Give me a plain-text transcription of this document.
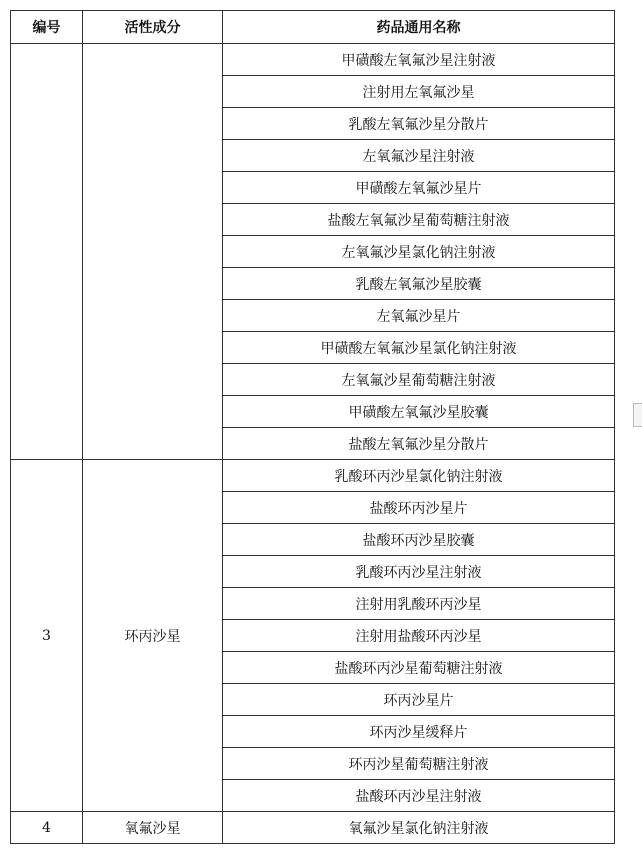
编号	活性成分	药品通用名称
		甲磺酸左氧氟沙星注射液
		注射用左氧氟沙星
		乳酸左氧氟沙星分散片
		左氧氟沙星注射液
		甲磺酸左氧氟沙星片
		盐酸左氧氟沙星葡萄糖注射液
		左氧氟沙星氯化钠注射液
		乳酸左氧氟沙星胶囊
		左氧氟沙星片
		甲磺酸左氧氟沙星氯化钠注射液
		左氧氟沙星葡萄糖注射液
		甲磺酸左氧氟沙星胶囊
		盐酸左氧氟沙星分散片
3	环丙沙星	乳酸环丙沙星氯化钠注射液
		盐酸环丙沙星片
		盐酸环丙沙星胶囊
		乳酸环丙沙星注射液
		注射用乳酸环丙沙星
		注射用盐酸环丙沙星
		盐酸环丙沙星葡萄糖注射液
		环丙沙星片
		环丙沙星缓释片
		环丙沙星葡萄糖注射液
		盐酸环丙沙星注射液
4	氧氟沙星	氧氟沙星氯化钠注射液
